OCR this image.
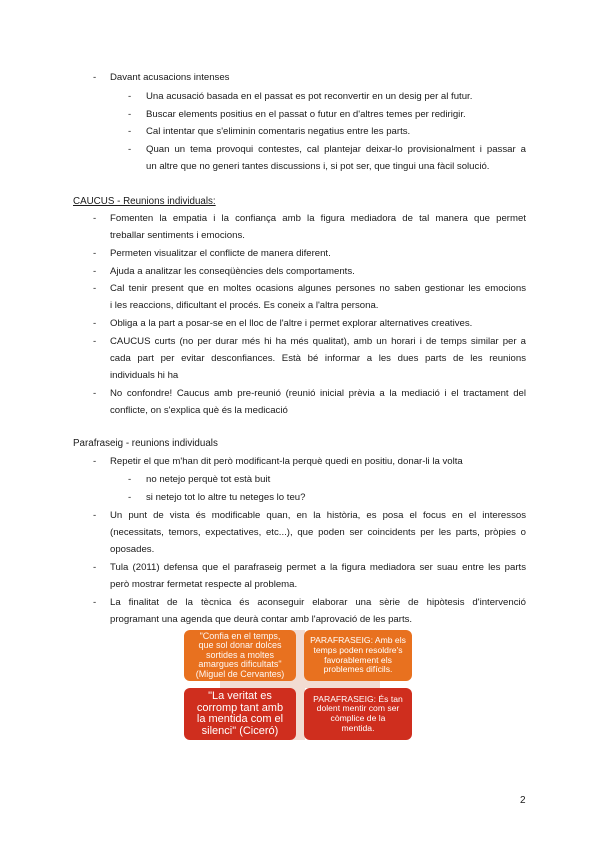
- Davant acusacions intenses
- Una acusació basada en el passat es pot reconvertir en un desig per al futur.
- Buscar elements positius en el passat o futur en d'altres temes per redirigir.
- Cal intentar que s'eliminin comentaris negatius entre les parts.
- Quan un tema provoqui contestes, cal plantejar deixar-lo provisionalment i passar a
un altre que no generi tantes discussions i, si pot ser, que tingui una fàcil solució.
CAUCUS - Reunions individuals:
- Fomenten la empatia i la confiança amb la figura mediadora de tal manera que permet
treballar sentiments i emocions.
- Permeten visualitzar el conflicte de manera diferent.
- Ajuda a analitzar les conseqüències dels comportaments.
- Cal tenir present que en moltes ocasions algunes persones no saben gestionar les emocions
i les reaccions, dificultant el procés. Es coneix a l'altra persona.
- Obliga a la part a posar-se en el lloc de l'altre i permet explorar alternatives creatives.
- CAUCUS curts (no per durar més hi ha més qualitat), amb un horari i de temps similar per a
cada part per evitar desconfiances. Està bé informar a les dues parts de les reunions
individuals hi ha
- No confondre! Caucus amb pre-reunió (reunió inicial prèvia a la mediació i el tractament del
conflicte, on s'explica què és la medicació
Parafraseig - reunions individuals
- Repetir el que m'han dit però modificant-la perquè quedi en positiu, donar-li la volta
- no netejo perquè tot està buit
- si netejo tot lo altre tu neteges lo teu?
- Un punt de vista és modificable quan, en la història, es posa el focus en el interessos
(necessitats, temors, expectatives, etc...), que poden ser coincidents per les parts, pròpies o
oposades.
- Tula (2011) defensa que el parafraseig permet a la figura mediadora ser suau entre les parts
però mostrar fermetat respecte al problema.
- La finalitat de la tècnica és aconseguir elaborar una sèrie de hipòtesis d'intervenció
programant una agenda que deurà contar amb l'aprovació de les parts.
"Confia en el temps,
que sol donar dolces
sortides a moltes
amargues dificultats"
(Miguel de Cervantes)
PARAFRASEIG: Amb els
temps poden resoldre's
favorablement els
problemes difícils.
"La veritat es
corromp tant amb
la mentida com el
silenci" (Ciceró)
PARAFRASEIG: És tan
dolent mentir com ser
còmplice de la
mentida.
2
